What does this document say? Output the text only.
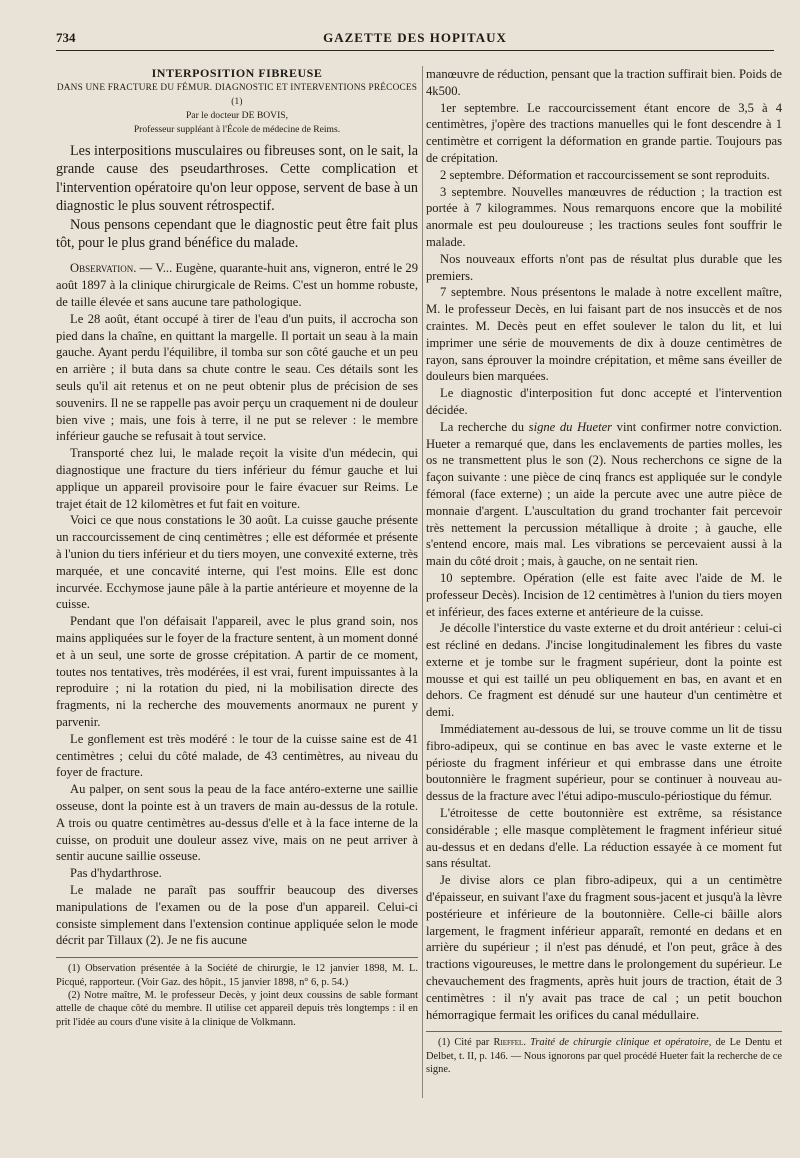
734	GAZETTE DES HOPITAUX
INTERPOSITION FIBREUSE
DANS UNE FRACTURE DU FÉMUR. DIAGNOSTIC ET INTERVENTIONS PRÉCOCES (1)
Par le docteur DE BOVIS,
Professeur suppléant à l'École de médecine de Reims.

Les interpositions musculaires ou fibreuses sont, on le sait, la grande cause des pseudarthroses. Cette complication et l'intervention opératoire qu'on leur oppose, servent de base à un diagnostic le plus souvent rétrospectif.

Nous pensons cependant que le diagnostic peut être fait plus tôt, pour le plus grand bénéfice du malade.

Observation. — V... Eugène, quarante-huit ans, vigneron, entré le 29 août 1897 à la clinique chirurgicale de Reims. C'est un homme robuste, de taille élevée et sans aucune tare pathologique.

Le 28 août, étant occupé à tirer de l'eau d'un puits, il accrocha son pied dans la chaîne, en quittant la margelle. Il portait un seau à la main gauche. Ayant perdu l'équilibre, il tomba sur son côté gauche et un peu en arrière ; il buta dans sa chute contre le seau. Ces détails sont les seuls qu'il ait retenus et on ne peut obtenir plus de précision de ses souvenirs. Il ne se rappelle pas avoir perçu un craquement ni de douleur bien vive ; mais, une fois à terre, il ne put se relever : le membre inférieur gauche se refusait à tout service.

Transporté chez lui, le malade reçoit la visite d'un médecin, qui diagnostique une fracture du tiers inférieur du fémur gauche et lui applique un appareil provisoire pour le faire évacuer sur Reims. Le trajet était de 12 kilomètres et fut fait en voiture.

Voici ce que nous constations le 30 août. La cuisse gauche présente un raccourcissement de cinq centimètres ; elle est déformée et présente à l'union du tiers inférieur et du tiers moyen, une convexité externe, très marquée, et une concavité interne, qui l'est moins. Elle est donc incurvée. Ecchymose jaune pâle à la partie antérieure et moyenne de la cuisse.

Pendant que l'on défaisait l'appareil, avec le plus grand soin, nos mains appliquées sur le foyer de la fracture sentent, à un moment donné et à un seul, une sorte de grosse crépitation. A partir de ce moment, toutes nos tentatives, très modérées, il est vrai, furent impuissantes à la reproduire ; ni la rotation du pied, ni la mobilisation directe des fragments, ni la recherche des mouvements anormaux ne purent y parvenir.

Le gonflement est très modéré : le tour de la cuisse saine est de 41 centimètres ; celui du côté malade, de 43 centimètres, au niveau du foyer de fracture.

Au palper, on sent sous la peau de la face antéro-externe une saillie osseuse, dont la pointe est à un travers de main au-dessus de la rotule. A trois ou quatre centimètres au-dessus d'elle et à la face interne de la cuisse, on produit une douleur assez vive, mais on ne peut arriver à sentir aucune saillie osseuse.

Pas d'hydarthrose.

Le malade ne paraît pas souffrir beaucoup des diverses manipulations de l'examen ou de la pose d'un appareil. Celui-ci consiste simplement dans l'extension continue appliquée selon le mode décrit par Tillaux (2). Je ne fis aucune

(1) Observation présentée à la Société de chirurgie, le 12 janvier 1898, M. L. Picqué, rapporteur. (Voir Gaz. des hôpit., 15 janvier 1898, n° 6, p. 54.)

(2) Notre maître, M. le professeur Decès, y joint deux coussins de sable formant attelle de chaque côté du membre. Il utilise cet appareil depuis très longtemps : il en prit l'idée au cours d'une visite à la clinique de Volkmann.

manœuvre de réduction, pensant que la traction suffirait bien. Poids de 4k500.

1er septembre. Le raccourcissement étant encore de 3,5 à 4 centimètres, j'opère des tractions manuelles qui le font descendre à 1 centimètre et corrigent la déformation en grande partie. Toujours pas de crépitation.

2 septembre. Déformation et raccourcissement se sont reproduits.

3 septembre. Nouvelles manœuvres de réduction ; la traction est portée à 7 kilogrammes. Nous remarquons encore que la mobilité anormale est peu douloureuse ; les tractions seules font souffrir le malade.

Nos nouveaux efforts n'ont pas de résultat plus durable que les premiers.

7 septembre. Nous présentons le malade à notre excellent maître, M. le professeur Decès, en lui faisant part de nos insuccès et de nos craintes. M. Decès peut en effet soulever le talon du lit, et lui imprimer une série de mouvements de dix à douze centimètres de rayon, sans éprouver la moindre crépitation, et même sans éveiller de douleurs bien marquées.

Le diagnostic d'interposition fut donc accepté et l'intervention décidée.

La recherche du signe du Hueter vint confirmer notre conviction. Hueter a remarqué que, dans les enclavements de parties molles, les os ne transmettent plus le son (2). Nous recherchons ce signe de la façon suivante : une pièce de cinq francs est appliquée sur le condyle fémoral (face externe) ; un aide la percute avec une autre pièce de monnaie d'argent. L'auscultation du grand trochanter fait percevoir très nettement la percussion métallique à droite ; à gauche, elle s'entend encore, mais mal. Les vibrations se percevaient aussi à la main du côté droit ; mais, à gauche, on ne sentait rien.

10 septembre. Opération (elle est faite avec l'aide de M. le professeur Decès). Incision de 12 centimètres à l'union du tiers moyen et inférieur, des faces externe et antérieure de la cuisse.

Je décolle l'interstice du vaste externe et du droit antérieur : celui-ci est récliné en dedans. J'incise longitudinalement les fibres du vaste externe et je tombe sur le fragment supérieur, dont la pointe est mousse et qui est taillé un peu obliquement en bas, en avant et en dehors. Ce fragment est dénudé sur une hauteur d'un centimètre et demi.

Immédiatement au-dessous de lui, se trouve comme un lit de tissu fibro-adipeux, qui se continue en bas avec le vaste externe et le périoste du fragment inférieur et qui embrasse dans une étroite boutonnière le fragment supérieur, pour se continuer à nouveau au-dessus de la fracture avec l'étui adipo-musculo-périostique du fémur.

L'étroitesse de cette boutonnière est extrême, sa résistance considérable ; elle masque complètement le fragment inférieur situé au-dessus et en dedans d'elle. La réduction essayée à ce moment fut sans résultat.

Je divise alors ce plan fibro-adipeux, qui a un centimètre d'épaisseur, en suivant l'axe du fragment sous-jacent et jusqu'à la lèvre postérieure et inférieure de la boutonnière. Celle-ci bâille alors largement, le fragment inférieur apparaît, remonté en dedans et en arrière du supérieur ; il n'est pas dénudé, et l'on peut, grâce à des tractions vigoureuses, le mettre dans le prolongement du supérieur. Le chevauchement des fragments, après huit jours de traction, était de 3 centimètres : il n'y avait pas trace de cal ; un petit bouchon hémorragique fermait les orifices du canal médullaire.

(1) Cité par Rieffel. Traité de chirurgie clinique et opératoire, de Le Dentu et Delbet, t. II, p. 146. — Nous ignorons par quel procédé Hueter fait la recherche de ce signe.
